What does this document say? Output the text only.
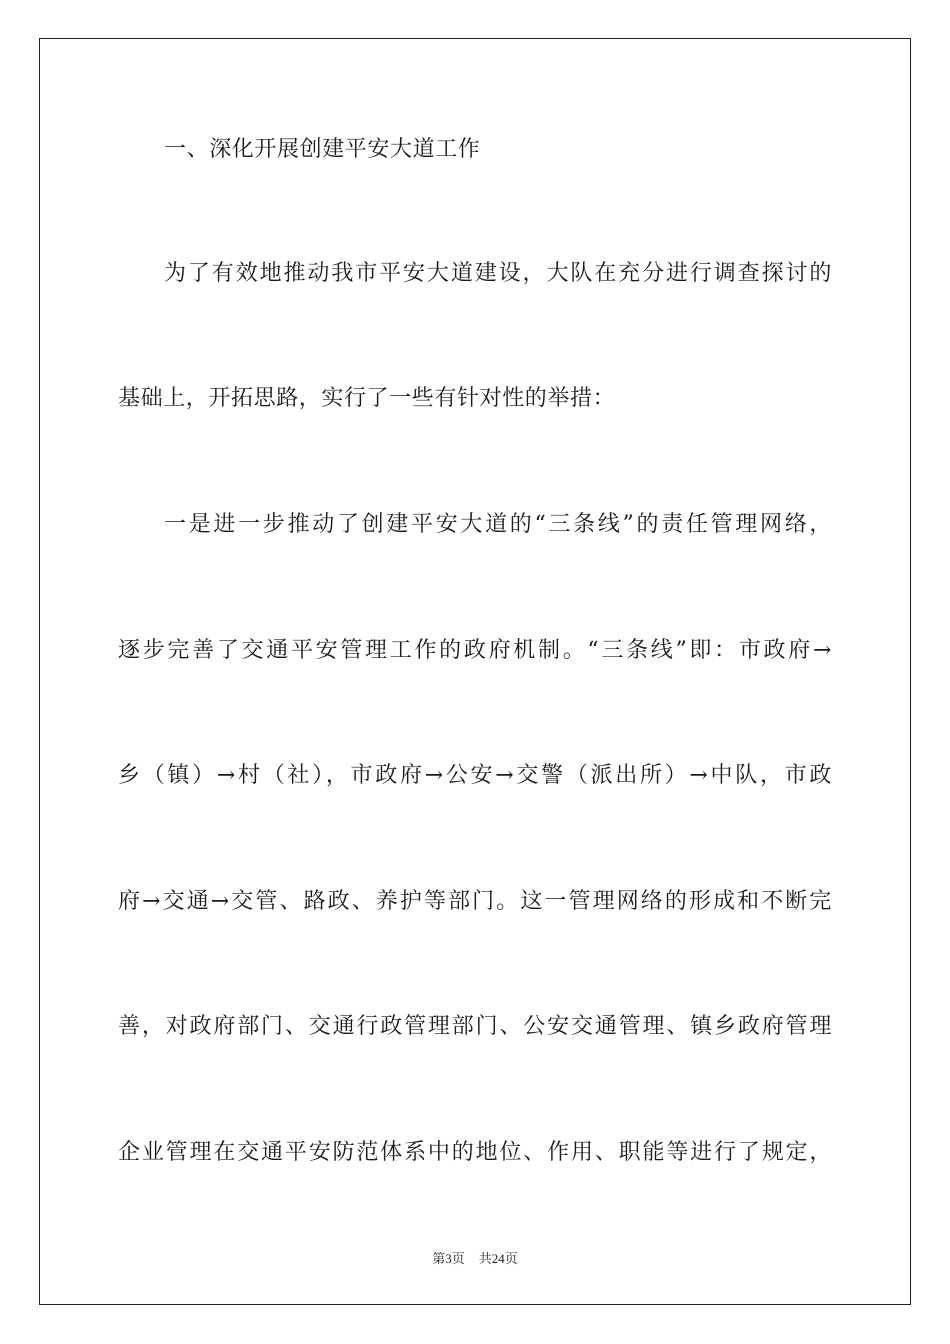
一、深化开展创建平安大道工作
为了有效地推动我市平安大道建设，大队在充分进行调查探讨的
基础上，开拓思路，实行了一些有针对性的举措：
一是进一步推动了创建平安大道的“三条线”的责任管理网络，
逐步完善了交通平安管理工作的政府机制。“三条线”即：市政府→
乡（镇）→村（社），市政府→公安→交警（派出所）→中队，市政
府→交通→交管、路政、养护等部门。这一管理网络的形成和不断完
善，对政府部门、交通行政管理部门、公安交通管理、镇乡政府管理
企业管理在交通平安防范体系中的地位、作用、职能等进行了规定，
第3页 共24页
